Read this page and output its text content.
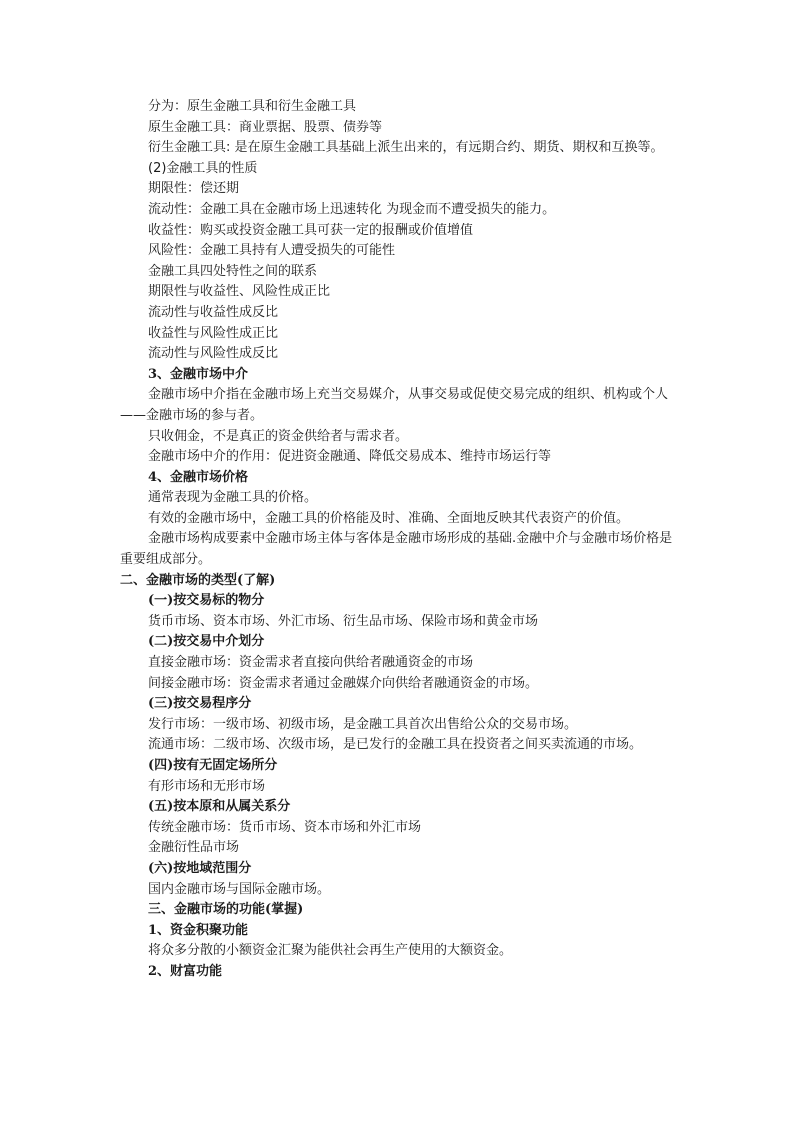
分为：原生金融工具和衍生金融工具
原生金融工具：商业票据、股票、债券等
衍生金融工具: 是在原生金融工具基础上派生出来的，有远期合约、期货、期权和互换等。
(2)金融工具的性质
期限性：偿还期
流动性：金融工具在金融市场上迅速转化 为现金而不遭受损失的能力。
收益性：购买或投资金融工具可获一定的报酬或价值增值
风险性：金融工具持有人遭受损失的可能性
金融工具四处特性之间的联系
期限性与收益性、风险性成正比
流动性与收益性成反比
收益性与风险性成正比
流动性与风险性成反比
3、金融市场中介
金融市场中介指在金融市场上充当交易媒介，从事交易或促使交易完成的组织、机构或个人——金融市场的参与者。
只收佣金，不是真正的资金供给者与需求者。
金融市场中介的作用：促进资金融通、降低交易成本、维持市场运行等
4、金融市场价格
通常表现为金融工具的价格。
有效的金融市场中，金融工具的价格能及时、准确、全面地反映其代表资产的价值。
金融市场构成要素中金融市场主体与客体是金融市场形成的基础.金融中介与金融市场价格是重要组成部分。
二、金融市场的类型(了解)
(一)按交易标的物分
货币市场、资本市场、外汇市场、衍生品市场、保险市场和黄金市场
(二)按交易中介划分
直接金融市场：资金需求者直接向供给者融通资金的市场
间接金融市场：资金需求者通过金融媒介向供给者融通资金的市场。
(三)按交易程序分
发行市场：一级市场、初级市场，是金融工具首次出售给公众的交易市场。
流通市场：二级市场、次级市场，是已发行的金融工具在投资者之间买卖流通的市场。
(四)按有无固定场所分
有形市场和无形市场
(五)按本原和从属关系分
传统金融市场：货币市场、资本市场和外汇市场
金融衍性品市场
(六)按地域范围分
国内金融市场与国际金融市场。
三、金融市场的功能(掌握)
1、资金积聚功能
将众多分散的小额资金汇聚为能供社会再生产使用的大额资金。
2、财富功能
